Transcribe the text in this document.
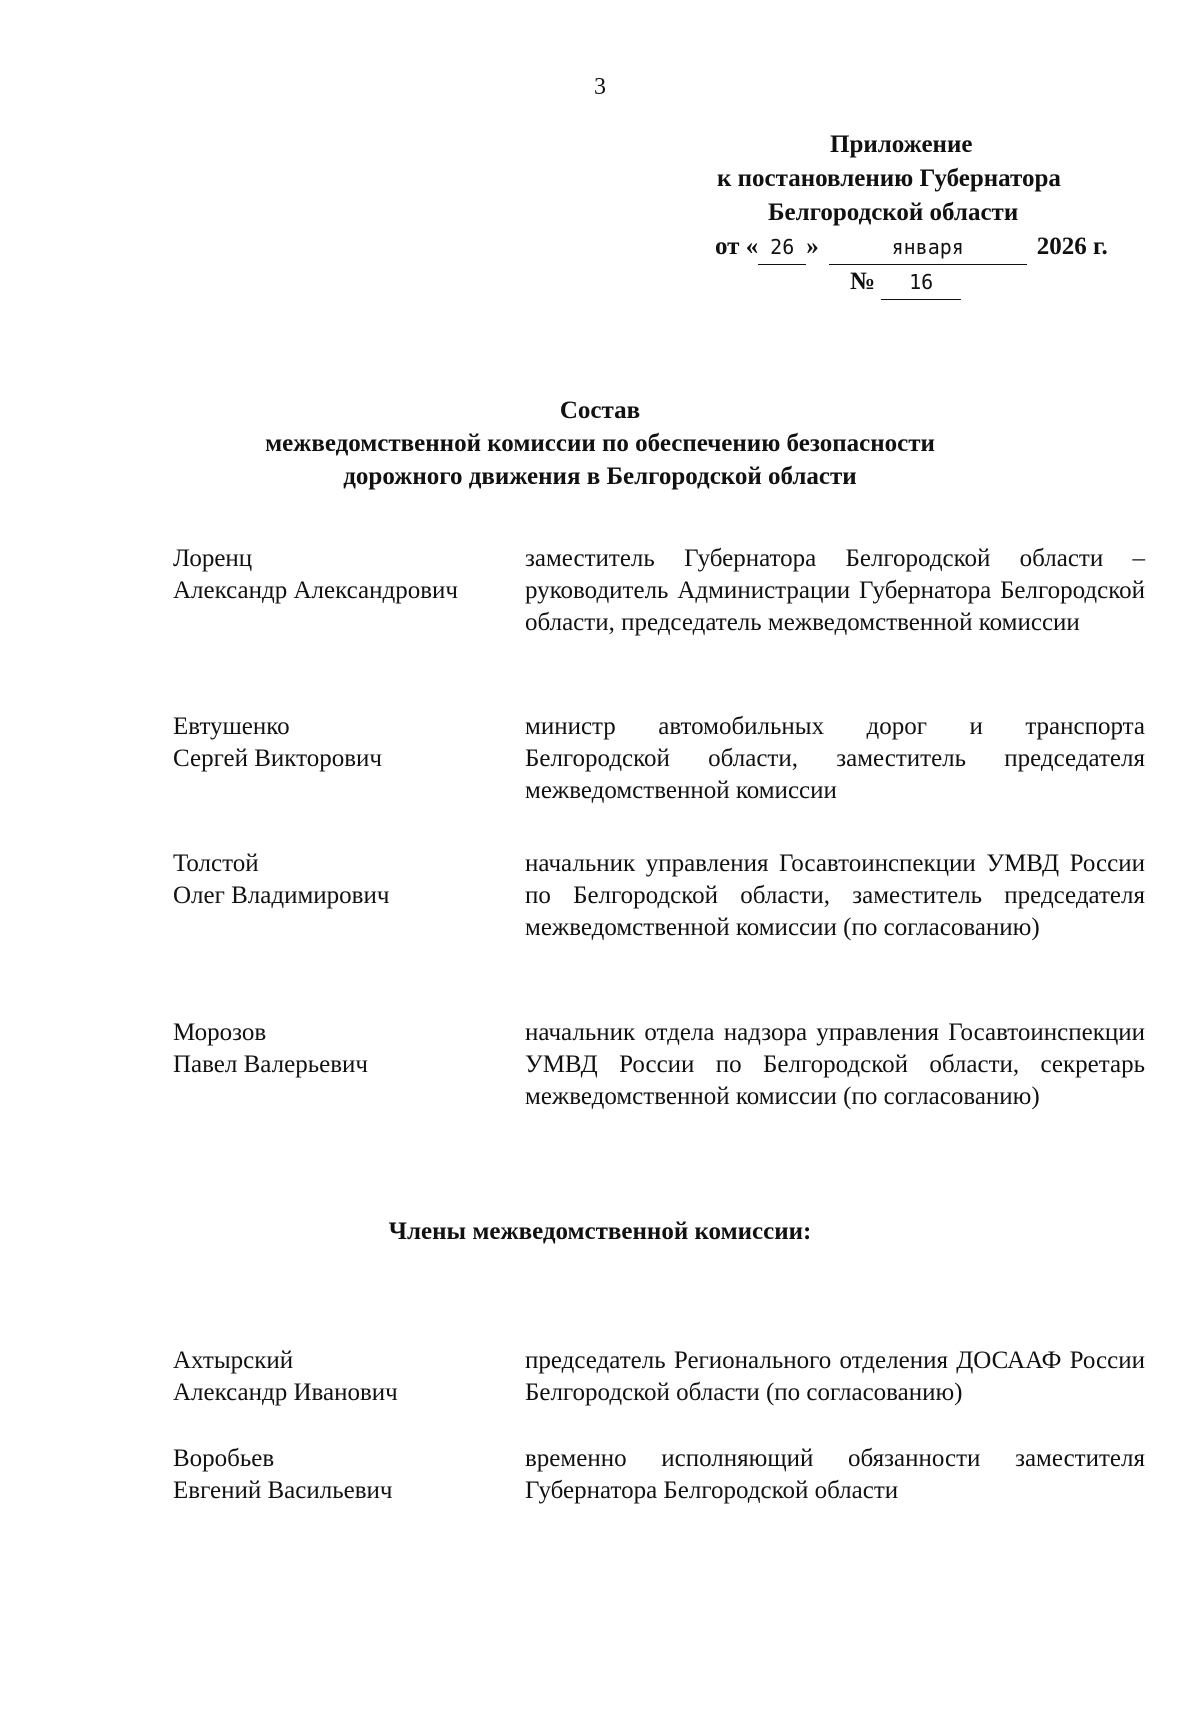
3
Приложение
к постановлению Губернатора
Белгородской области
от « 26 »	января	2026 г.
№ 16
Состав
межведомственной комиссии по обеспечению безопасности
дорожного движения в Белгородской области
Лоренц
Александр Александрович
заместитель Губернатора Белгородской области – руководитель Администрации Губернатора Белгородской области, председатель межведомственной комиссии
Евтушенко
Сергей Викторович
министр автомобильных дорог и транспорта Белгородской области, заместитель председателя межведомственной комиссии
Толстой
Олег Владимирович
начальник управления Госавтоинспекции УМВД России по Белгородской области, заместитель председателя межведомственной комиссии (по согласованию)
Морозов
Павел Валерьевич
начальник отдела надзора управления Госавтоинспекции УМВД России по Белгородской области, секретарь межведомственной комиссии (по согласованию)
Члены межведомственной комиссии:
Ахтырский
Александр Иванович
председатель Регионального отделения ДОСААФ России Белгородской области (по согласованию)
Воробьев
Евгений Васильевич
временно исполняющий обязанности заместителя Губернатора Белгородской области
